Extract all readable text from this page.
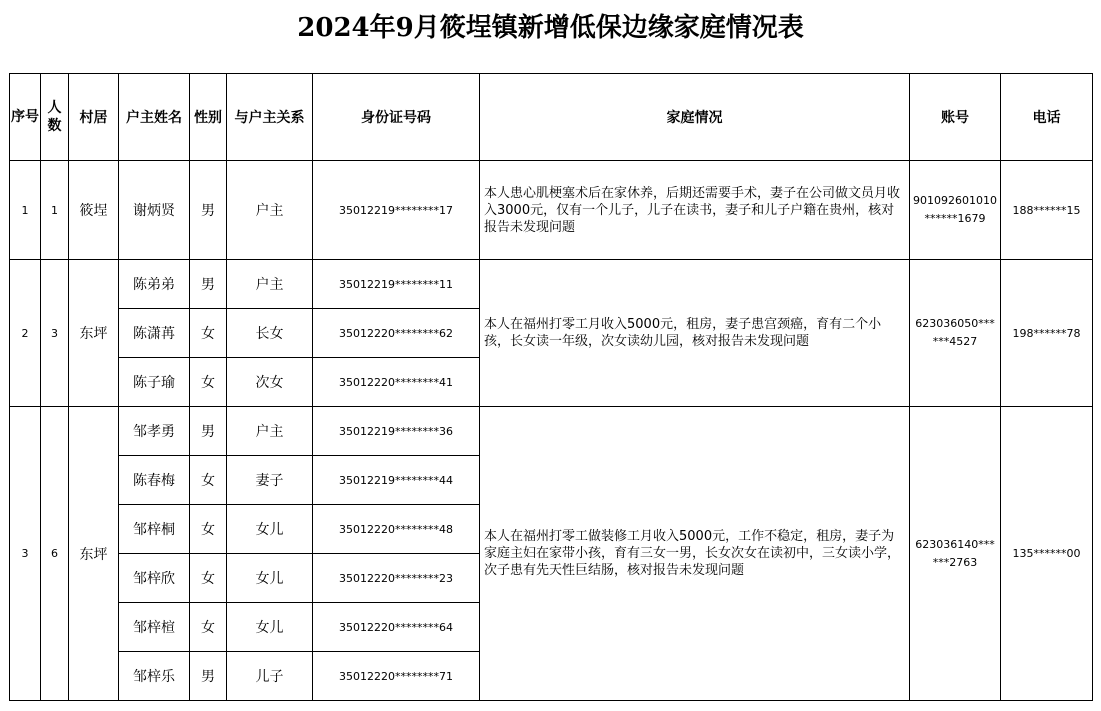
2024年9月筱埕镇新增低保边缘家庭情况表
序号	人数	村居	户主姓名	性别	与户主关系	身份证号码	家庭情况	账号	电话
1	1	筱埕	谢炳贤	男	户主	35012219********17	本人患心肌梗塞术后在家休养，后期还需要手术，妻子在公司做文员月收入3000元，仅有一个儿子，儿子在读书，妻子和儿子户籍在贵州，核对报告未发现问题	901092601010******1679	188******15
2	3	东坪	陈弟弟	男	户主	35012219********11	本人在福州打零工月收入5000元，租房，妻子患宫颈癌，育有二个小孩，长女读一年级，次女读幼儿园，核对报告未发现问题	623036050******4527	198******78
			陈潇苒	女	长女	35012220********62			
			陈子瑜	女	次女	35012220********41			
3	6	东坪	邹孝勇	男	户主	35012219********36	本人在福州打零工做装修工月收入5000元，工作不稳定，租房，妻子为家庭主妇在家带小孩，育有三女一男，长女次女在读初中，三女读小学，次子患有先天性巨结肠，核对报告未发现问题	623036140******2763	135******00
			陈春梅	女	妻子	35012219********44			
			邹梓桐	女	女儿	35012220********48			
			邹梓欣	女	女儿	35012220********23			
			邹梓楦	女	女儿	35012220********64			
			邹梓乐	男	儿子	35012220********71			
